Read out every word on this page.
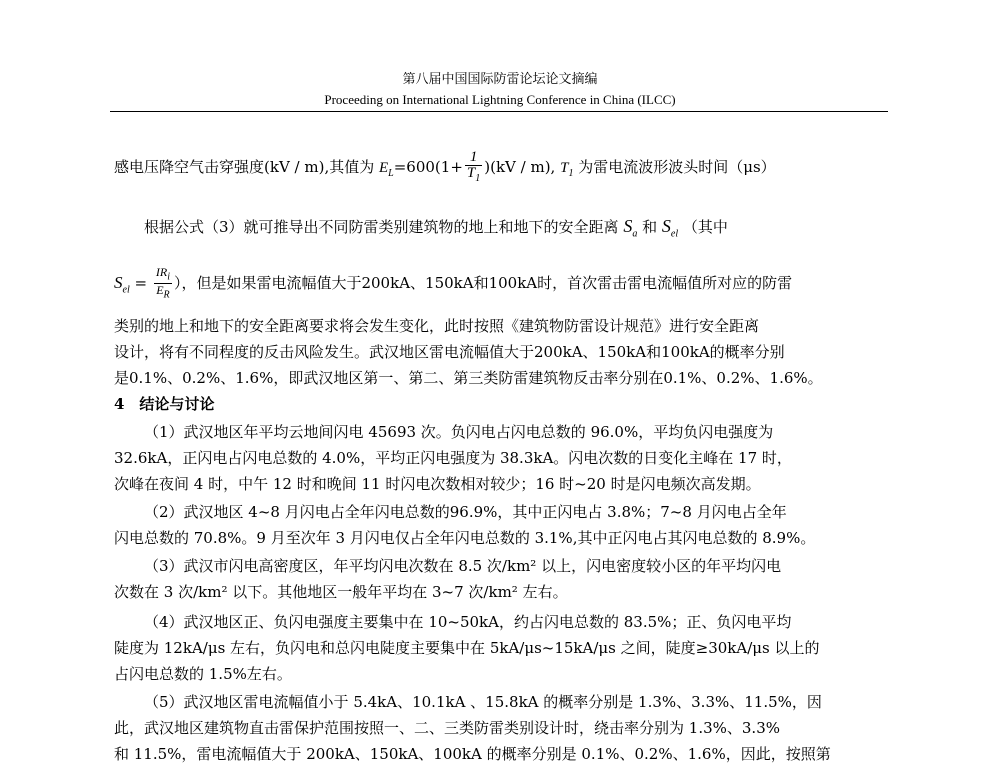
第八届中国国际防雷论坛论文摘编
Proceeding on International Lightning Conference in China (ILCC)
感电压降空气击穿强度(kV / m),其值为 $E_L=600(1+ \frac{1}{T_1} )(kV / m)$, $T_1$ 为雷电流波形波头时间（μs）
根据公式（3）就可推导出不同防雷类别建筑物的地上和地下的安全距离 $S_a$ 和 $S_{el}$ （其中
$S_{el} = \frac{IR_i}{E_R}$ ），但是如果雷电流幅值大于200kA、150kA和100kA时，首次雷击雷电流幅值所对应的防雷
类别的地上和地下的安全距离要求将会发生变化，此时按照《建筑物防雷设计规范》进行安全距离
设计，将有不同程度的反击风险发生。武汉地区雷电流幅值大于200kA、150kA和100kA的概率分别
是0.1%、0.2%、1.6%，即武汉地区第一、第二、第三类防雷建筑物反击率分别在0.1%、0.2%、1.6%。
4　结论与讨论
（1）武汉地区年平均云地间闪电 45693 次。负闪电占闪电总数的 96.0%，平均负闪电强度为
32.6kA，正闪电占闪电总数的 4.0%，平均正闪电强度为 38.3kA。闪电次数的日变化主峰在 17 时，
次峰在夜间 4 时，中午 12 时和晚间 11 时闪电次数相对较少；16 时~20 时是闪电频次高发期。
（2）武汉地区 4~8 月闪电占全年闪电总数的96.9%，其中正闪电占 3.8%；7~8 月闪电占全年
闪电总数的 70.8%。9 月至次年 3 月闪电仅占全年闪电总数的 3.1%,其中正闪电占其闪电总数的 8.9%。
（3）武汉市闪电高密度区，年平均闪电次数在 8.5 次/km² 以上，闪电密度较小区的年平均闪电
次数在 3 次/km² 以下。其他地区一般年平均在 3~7 次/km² 左右。
（4）武汉地区正、负闪电强度主要集中在 10~50kA，约占闪电总数的 83.5%；正、负闪电平均
陡度为 12kA/μs 左右，负闪电和总闪电陡度主要集中在 5kA/μs~15kA/μs 之间，陡度≥30kA/μs 以上的
占闪电总数的 1.5%左右。
（5）武汉地区雷电流幅值小于 5.4kA、10.1kA 、15.8kA 的概率分别是 1.3%、3.3%、11.5%，因
此，武汉地区建筑物直击雷保护范围按照一、二、三类防雷类别设计时，绕击率分别为 1.3%、3.3%
和 11.5%，雷电流幅值大于 200kA、150kA、100kA 的概率分别是 0.1%、0.2%、1.6%，因此，按照第
